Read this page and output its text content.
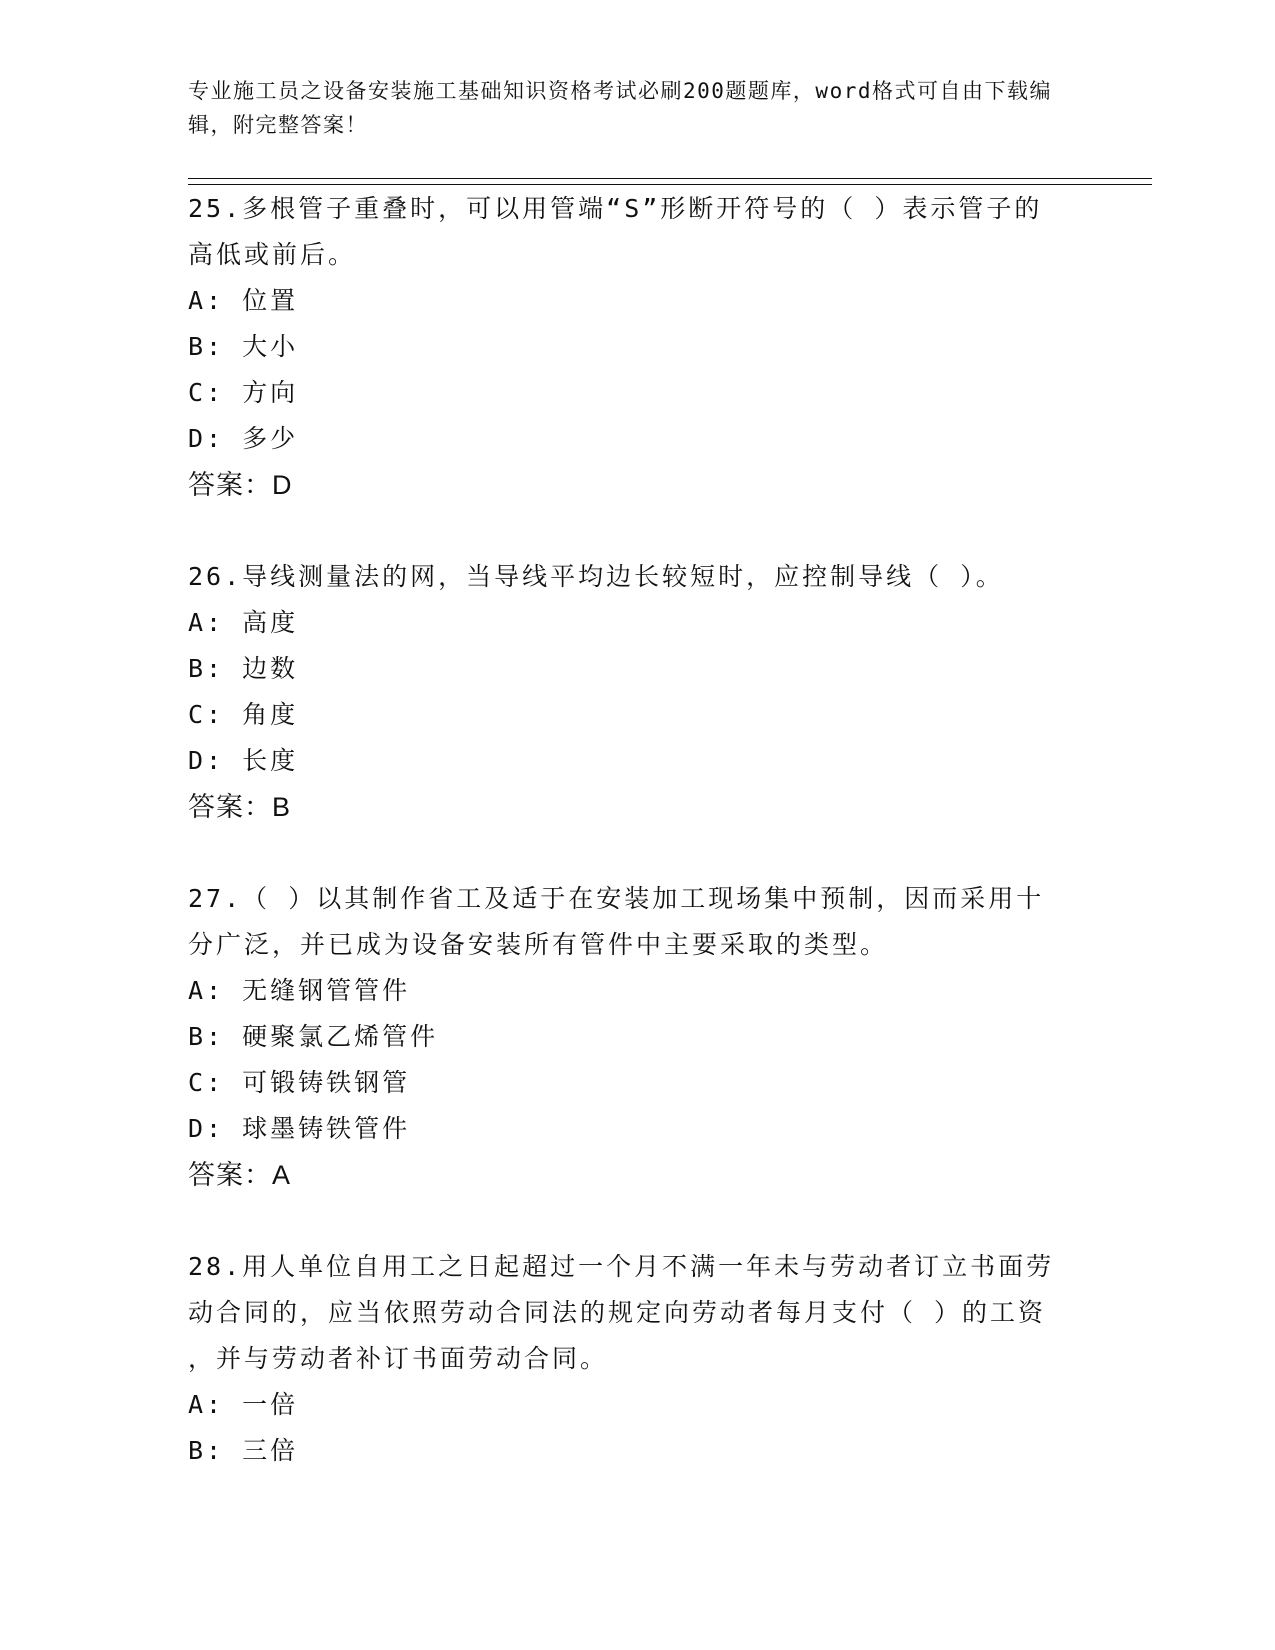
专业施工员之设备安装施工基础知识资格考试必刷200题题库，word格式可自由下载编辑，附完整答案！

25.多根管子重叠时，可以用管端“S”形断开符号的（ ）表示管子的

高低或前后。

A: 位置

B: 大小

C: 方向

D: 多少

答案：D

26.导线测量法的网，当导线平均边长较短时，应控制导线（ ）。

A: 高度

B: 边数

C: 角度

D: 长度

答案：B

27.（ ）以其制作省工及适于在安装加工现场集中预制，因而采用十

分广泛，并已成为设备安装所有管件中主要采取的类型。

A: 无缝钢管管件

B: 硬聚氯乙烯管件

C: 可锻铸铁钢管

D: 球墨铸铁管件

答案：A

28.用人单位自用工之日起超过一个月不满一年未与劳动者订立书面劳

动合同的，应当依照劳动合同法的规定向劳动者每月支付（ ）的工资

，并与劳动者补订书面劳动合同。

A: 一倍

B: 三倍
